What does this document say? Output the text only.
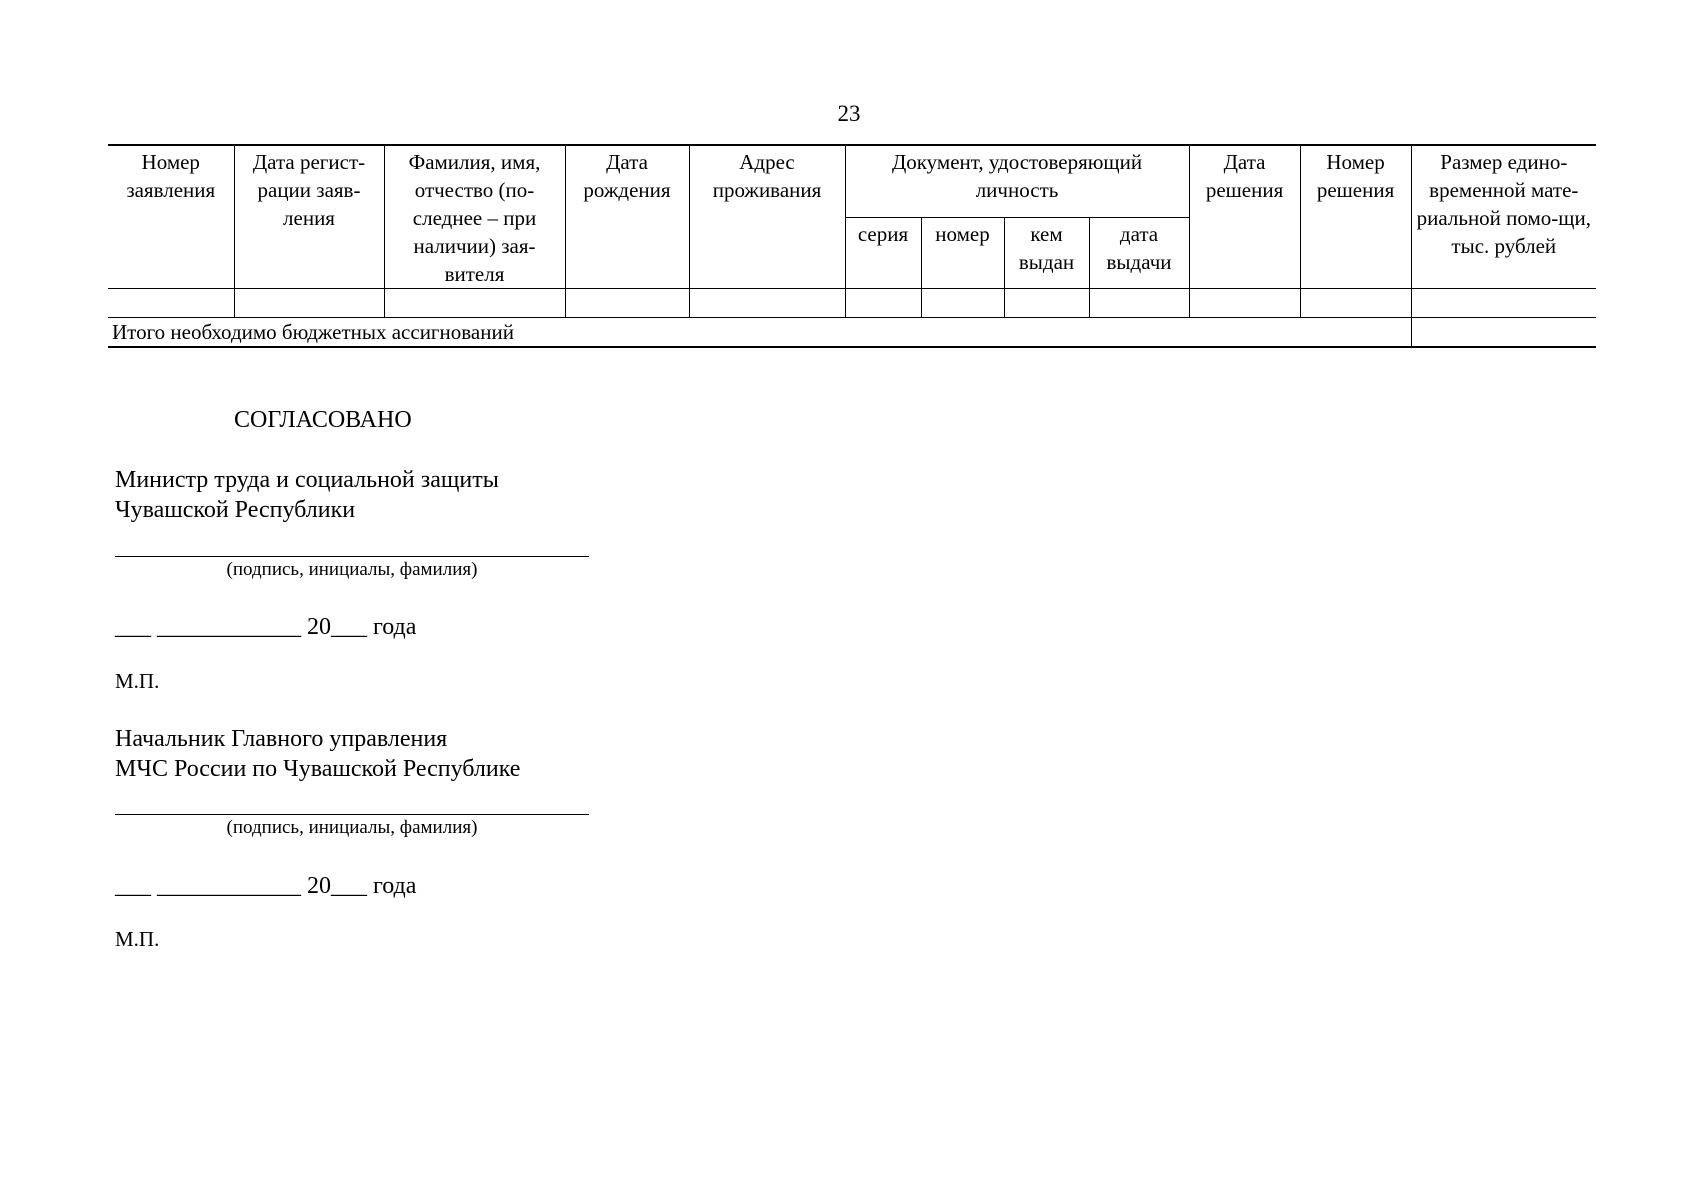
23
Номер заявления	Дата регист-рации заяв-ления	Фамилия, имя, отчество (по-следнее – при наличии) зая-вителя	Дата рождения	Адрес проживания	Документ, удостоверяющий личность				Дата решения	Номер решения	Размер едино-временной мате-риальной помо-щи, тыс. рублей
					серия	номер	кем выдан	дата выдачи			

Итого необходимо бюджетных ассигнований											
СОГЛАСОВАНО
Министр труда и социальной защиты
Чувашской Республики
(подпись, инициалы, фамилия)
___ ____________ 20___ года
М.П.
Начальник Главного управления
МЧС России по Чувашской Республике
(подпись, инициалы, фамилия)
___ ____________ 20___ года
М.П.
